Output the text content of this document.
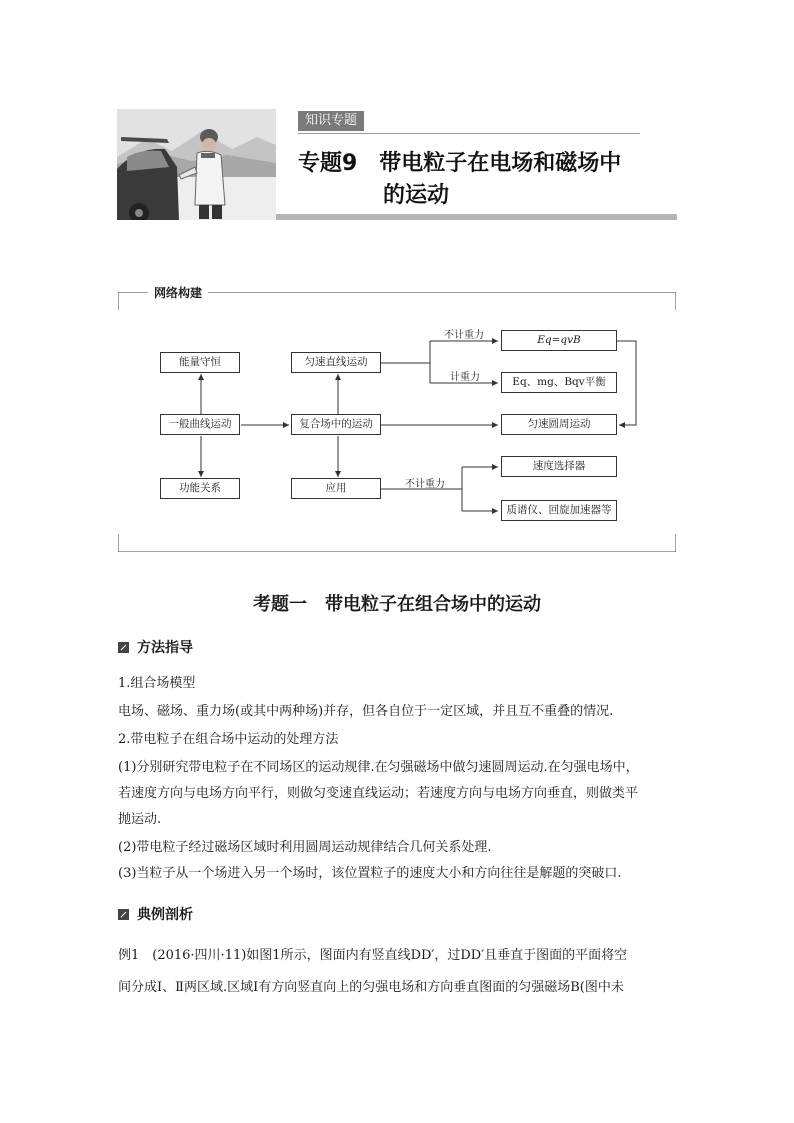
知识专题
专题9　带电粒子在电场和磁场中
的运动
网络构建
能量守恒	匀速直线运动
Eq=qvB
Eq、mg、Bqv平衡
一般曲线运动	复合场中的运动	匀速圆周运动
功能关系	应用
速度选择器
质谱仪、回旋加速器等
不计重力
计重力
不计重力
考题一　带电粒子在组合场中的运动
方法指导
1.组合场模型
电场、磁场、重力场(或其中两种场)并存，但各自位于一定区域，并且互不重叠的情况.
2.带电粒子在组合场中运动的处理方法
(1)分别研究带电粒子在不同场区的运动规律.在匀强磁场中做匀速圆周运动.在匀强电场中，
若速度方向与电场方向平行，则做匀变速直线运动；若速度方向与电场方向垂直，则做类平
抛运动.
(2)带电粒子经过磁场区域时利用圆周运动规律结合几何关系处理.
(3)当粒子从一个场进入另一个场时，该位置粒子的速度大小和方向往往是解题的突破口.
典例剖析
例1　(2016·四川·11)如图1所示，图面内有竖直线DD′，过DD′且垂直于图面的平面将空
间分成Ⅰ、Ⅱ两区域.区域Ⅰ有方向竖直向上的匀强电场和方向垂直图面的匀强磁场B(图中未
